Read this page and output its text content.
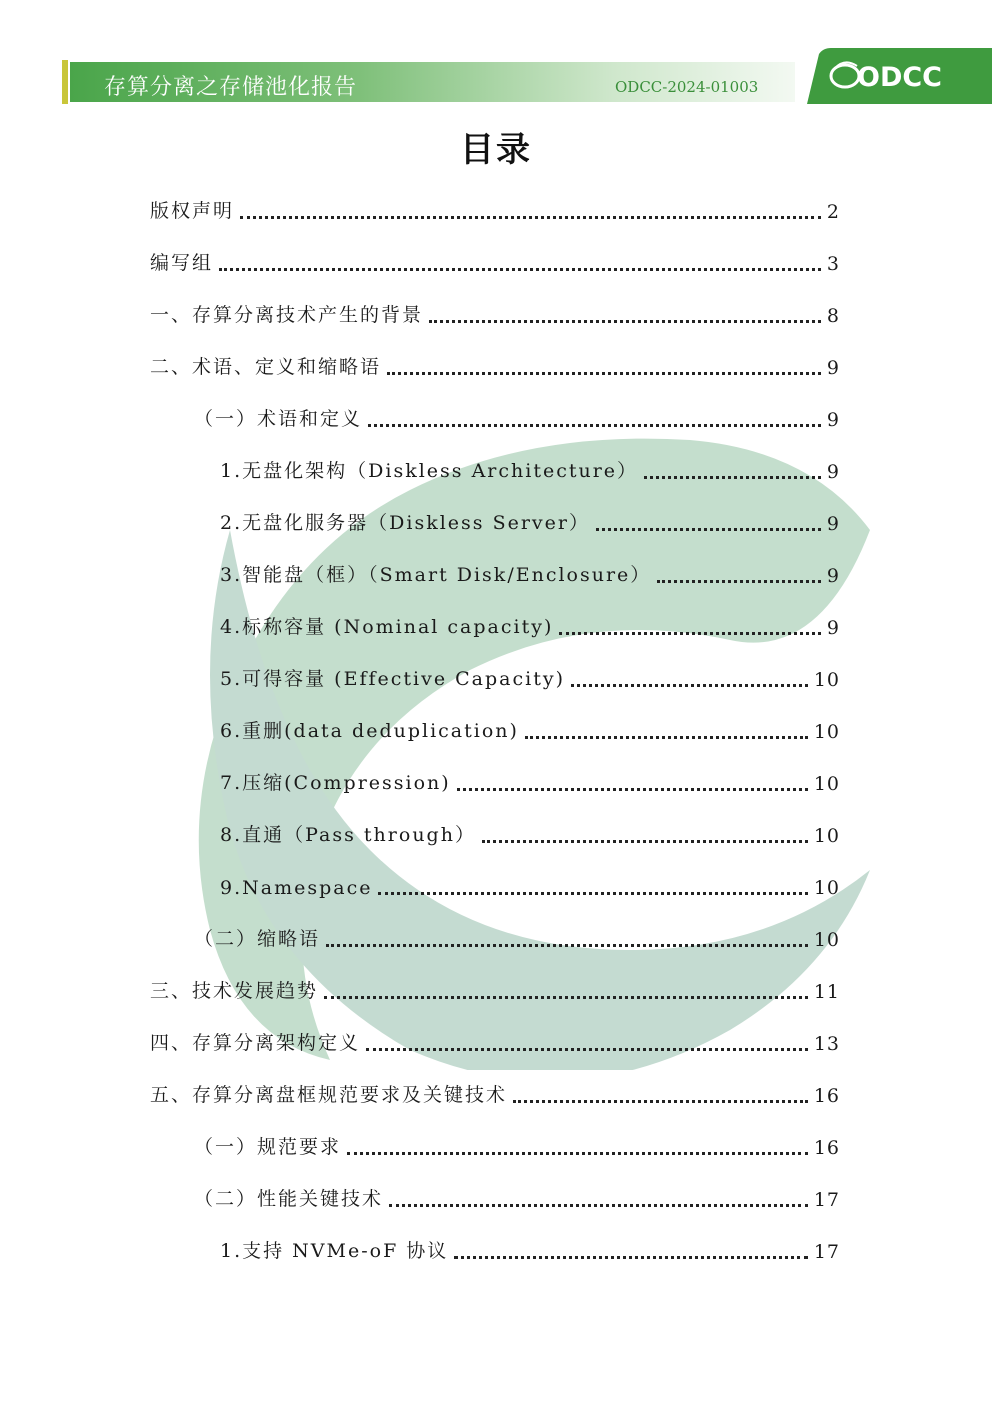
存算分离之存储池化报告	ODCC-2024-01003	ODCC
目录
版权声明	2
编写组	3
一、存算分离技术产生的背景	8
二、术语、定义和缩略语	9
（一）术语和定义	9
1.无盘化架构（Diskless Architecture）	9
2.无盘化服务器（Diskless Server）	9
3.智能盘（框）（Smart Disk/Enclosure）	9
4.标称容量 (Nominal capacity)	9
5.可得容量 (Effective Capacity)	10
6.重删(data deduplication)	10
7.压缩(Compression)	10
8.直通（Pass through）	10
9.Namespace	10
（二）缩略语	10
三、技术发展趋势	11
四、存算分离架构定义	13
五、存算分离盘框规范要求及关键技术	16
（一）规范要求	16
（二）性能关键技术	17
1.支持 NVMe-oF 协议	17
